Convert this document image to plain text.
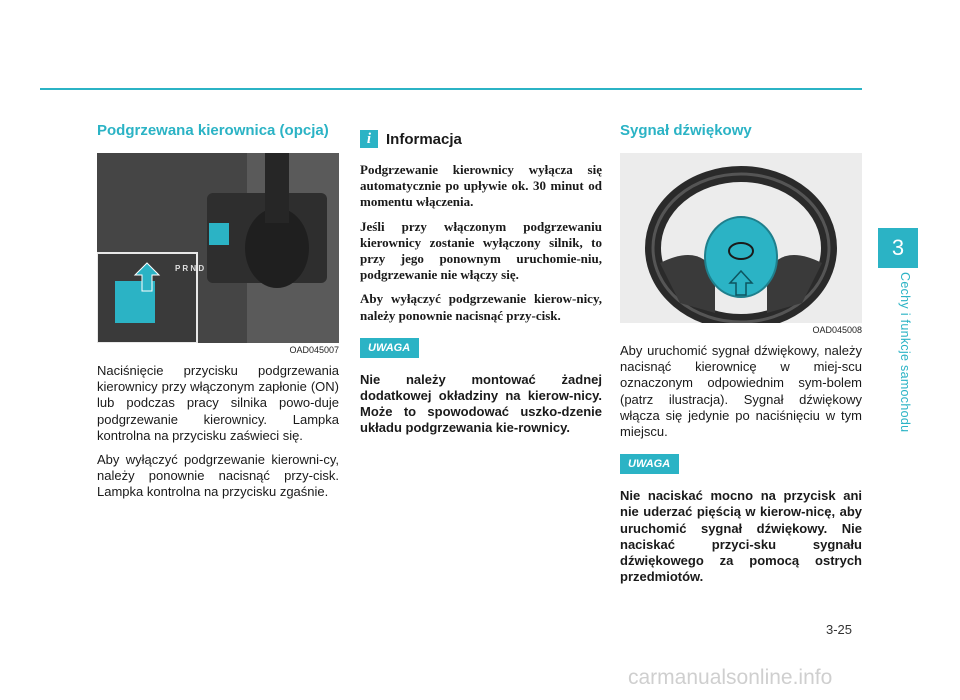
3
Cechy i funkcje samochodu
Podgrzewana kierownica (opcja)
P R N D
OAD045007

Naciśnięcie przycisku podgrzewania kierownicy przy włączonym zapłonie (ON) lub podczas pracy silnika powo-duje podgrzewanie kierownicy. Lampka kontrolna na przycisku zaświeci się.

Aby wyłączyć podgrzewanie kierowni-cy, należy ponownie nacisnąć przy-cisk. Lampka kontrolna na przycisku zgaśnie.

i Informacja

Podgrzewanie kierownicy wyłącza się automatycznie po upływie ok. 30 minut od momentu włączenia.

Jeśli przy włączonym podgrzewaniu kierownicy zostanie wyłączony silnik, to przy jego ponownym uruchomie-niu, podgrzewanie nie włączy się.

Aby wyłączyć podgrzewanie kierow-nicy, należy ponownie nacisnąć przy-cisk.

UWAGA

Nie należy montować żadnej dodatkowej okładziny na kierow-nicy. Może to spowodować uszko-dzenie układu podgrzewania kie-rownicy.

Sygnał dźwiękowy
OAD045008

Aby uruchomić sygnał dźwiękowy, należy nacisnąć kierownicę w miej-scu oznaczonym odpowiednim sym-bolem (patrz ilustracja). Sygnał dźwiękowy włącza się jedynie po naciśnięciu w tym miejscu.

UWAGA

Nie naciskać mocno na przycisk ani nie uderzać pięścią w kierow-nicę, aby uruchomić sygnał dźwiękowy. Nie naciskać przyci-sku sygnału dźwiękowego za pomocą ostrych przedmiotów.

3-25
carmanualsonline.info
